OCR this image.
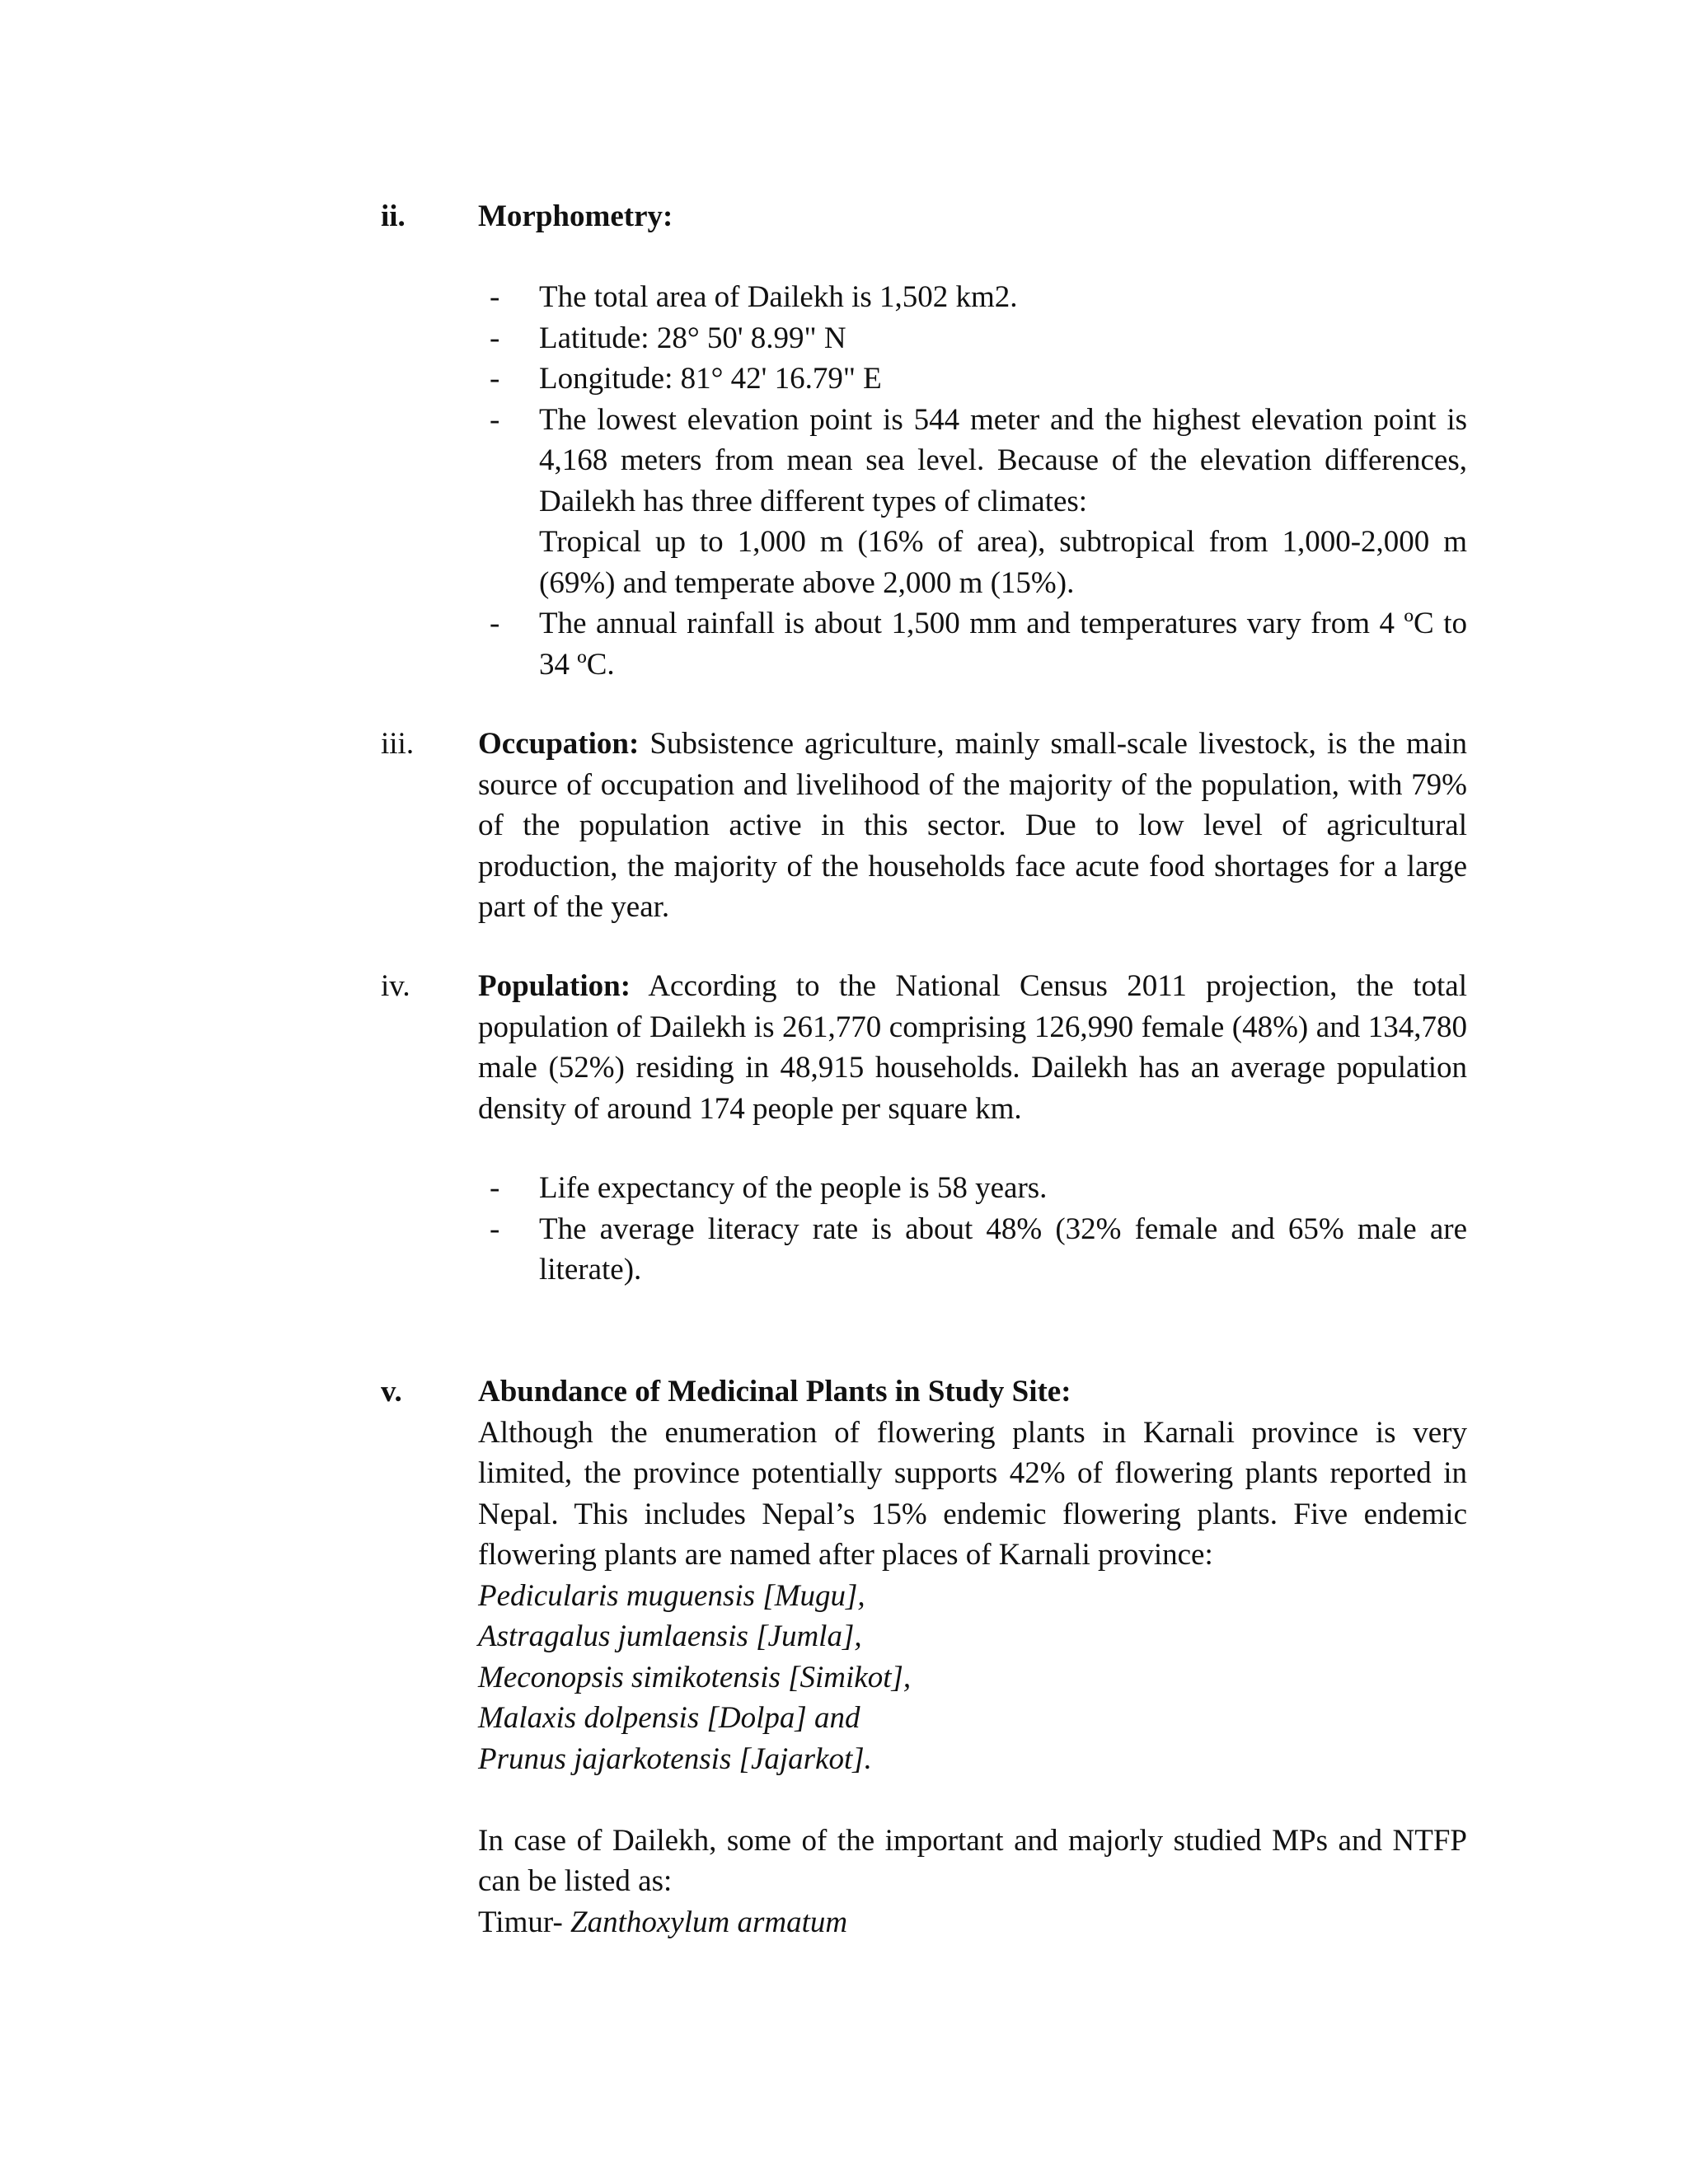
ii. Morphometry:
- The total area of Dailekh is 1,502 km2.
- Latitude: 28° 50' 8.99" N
- Longitude: 81° 42' 16.79" E
- The lowest elevation point is 544 meter and the highest elevation point is 4,168 meters from mean sea level. Because of the elevation differences, Dailekh has three different types of climates:
Tropical up to 1,000 m (16% of area), subtropical from 1,000-2,000 m (69%) and temperate above 2,000 m (15%).
- The annual rainfall is about 1,500 mm and temperatures vary from 4 ºC to 34 ºC.
iii. Occupation: Subsistence agriculture, mainly small-scale livestock, is the main source of occupation and livelihood of the majority of the population, with 79% of the population active in this sector. Due to low level of agricultural production, the majority of the households face acute food shortages for a large part of the year.

iv. Population: According to the National Census 2011 projection, the total population of Dailekh is 261,770 comprising 126,990 female (48%) and 134,780 male (52%) residing in 48,915 households. Dailekh has an average population density of around 174 people per square km.

- Life expectancy of the people is 58 years.
- The average literacy rate is about 48% (32% female and 65% male are literate).
v. Abundance of Medicinal Plants in Study Site:

Although the enumeration of flowering plants in Karnali province is very limited, the province potentially supports 42% of flowering plants reported in Nepal. This includes Nepal’s 15% endemic flowering plants. Five endemic flowering plants are named after places of Karnali province:

Pedicularis muguensis [Mugu],

Astragalus jumlaensis [Jumla],

Meconopsis simikotensis [Simikot],

Malaxis dolpensis [Dolpa] and

Prunus jajarkotensis [Jajarkot].

In case of Dailekh, some of the important and majorly studied MPs and NTFP can be listed as:

Timur- Zanthoxylum armatum
